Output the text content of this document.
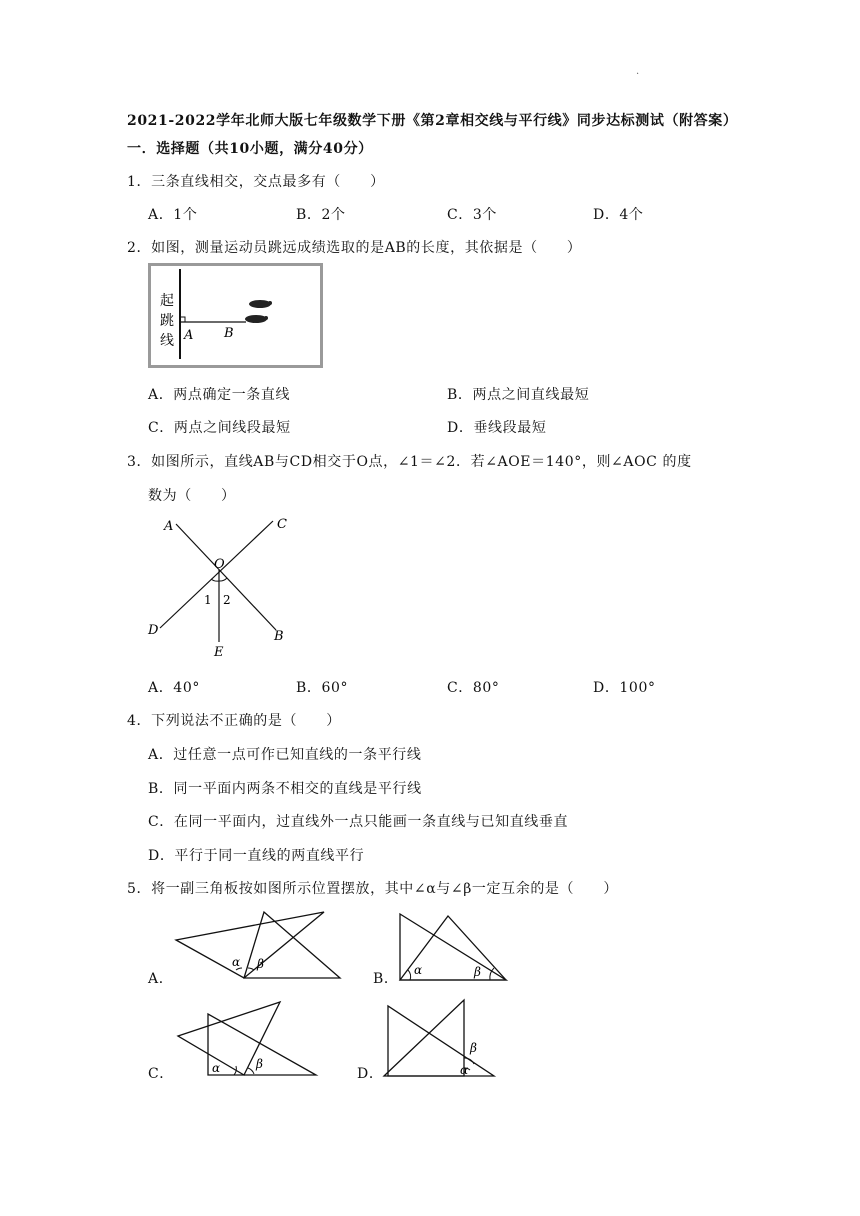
.
2021-2022学年北师大版七年级数学下册《第2章相交线与平行线》同步达标测试（附答案）
一．选择题（共10小题，满分40分）
1．三条直线相交，交点最多有（　　）
A．1个	B．2个	C．3个	D．4个
2．如图，测量运动员跳远成绩选取的是AB的长度，其依据是（　　）
起
跳
线 A B
A．两点确定一条直线	B．两点之间直线最短
C．两点之间线段最短	D．垂线段最短
3．如图所示，直线AB与CD相交于O点，∠1＝∠2．若∠AOE＝140°，则∠AOC 的度
数为（　　）
A	C
O
1 2
D	B
E
A．40°	B．60°	C．80°	D．100°
4．下列说法不正确的是（　　）
A．过任意一点可作已知直线的一条平行线
B．同一平面内两条不相交的直线是平行线
C．在同一平面内，过直线外一点只能画一条直线与已知直线垂直
D．平行于同一直线的两直线平行
5．将一副三角板按如图所示位置摆放，其中∠α与∠β一定互余的是（　　）
A．
α β
B．
α	β
C．	α	β
D．
β
α
